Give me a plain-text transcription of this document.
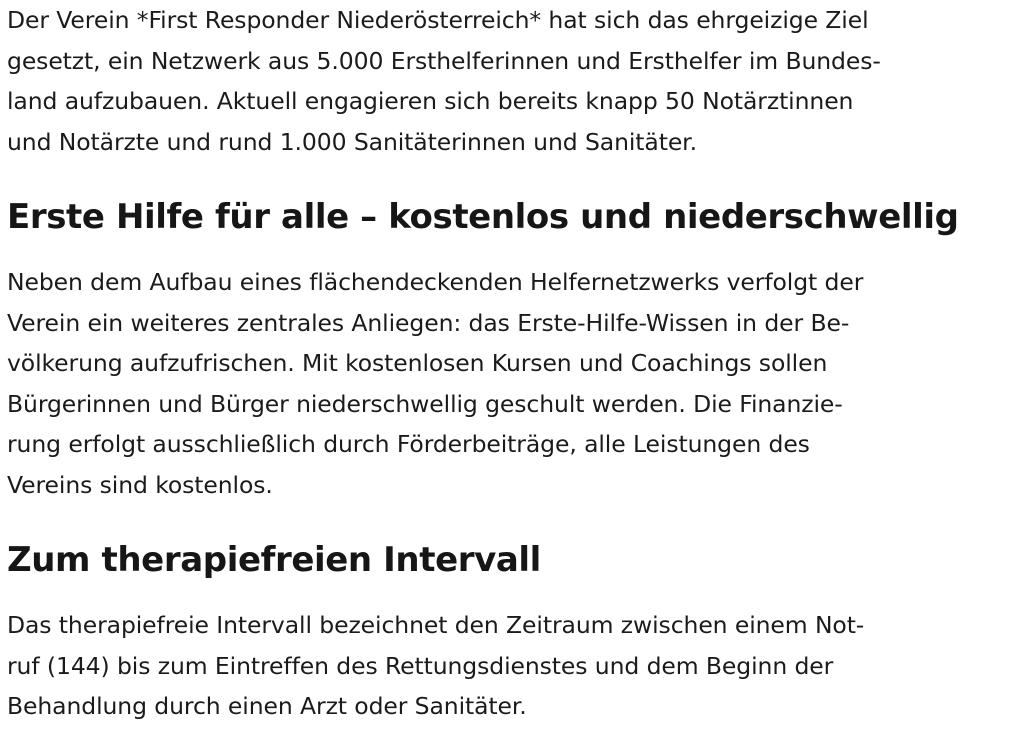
Der Verein *First Responder Niederösterreich* hat sich das ehrgeizige Ziel
gesetzt, ein Netzwerk aus 5.000 Ersthelferinnen und Ersthelfer im Bundes-
land aufzubauen. Aktuell engagieren sich bereits knapp 50 Notärztinnen
und Notärzte und rund 1.000 Sanitäterinnen und Sanitäter.

Erste Hilfe für alle – kostenlos und niederschwellig

Neben dem Aufbau eines flächendeckenden Helfernetzwerks verfolgt der
Verein ein weiteres zentrales Anliegen: das Erste-Hilfe-Wissen in der Be-
völkerung aufzufrischen. Mit kostenlosen Kursen und Coachings sollen
Bürgerinnen und Bürger niederschwellig geschult werden. Die Finanzie-
rung erfolgt ausschließlich durch Förderbeiträge, alle Leistungen des
Vereins sind kostenlos.

Zum therapiefreien Intervall

Das therapiefreie Intervall bezeichnet den Zeitraum zwischen einem Not-
ruf (144) bis zum Eintreffen des Rettungsdienstes und dem Beginn der
Behandlung durch einen Arzt oder Sanitäter.
